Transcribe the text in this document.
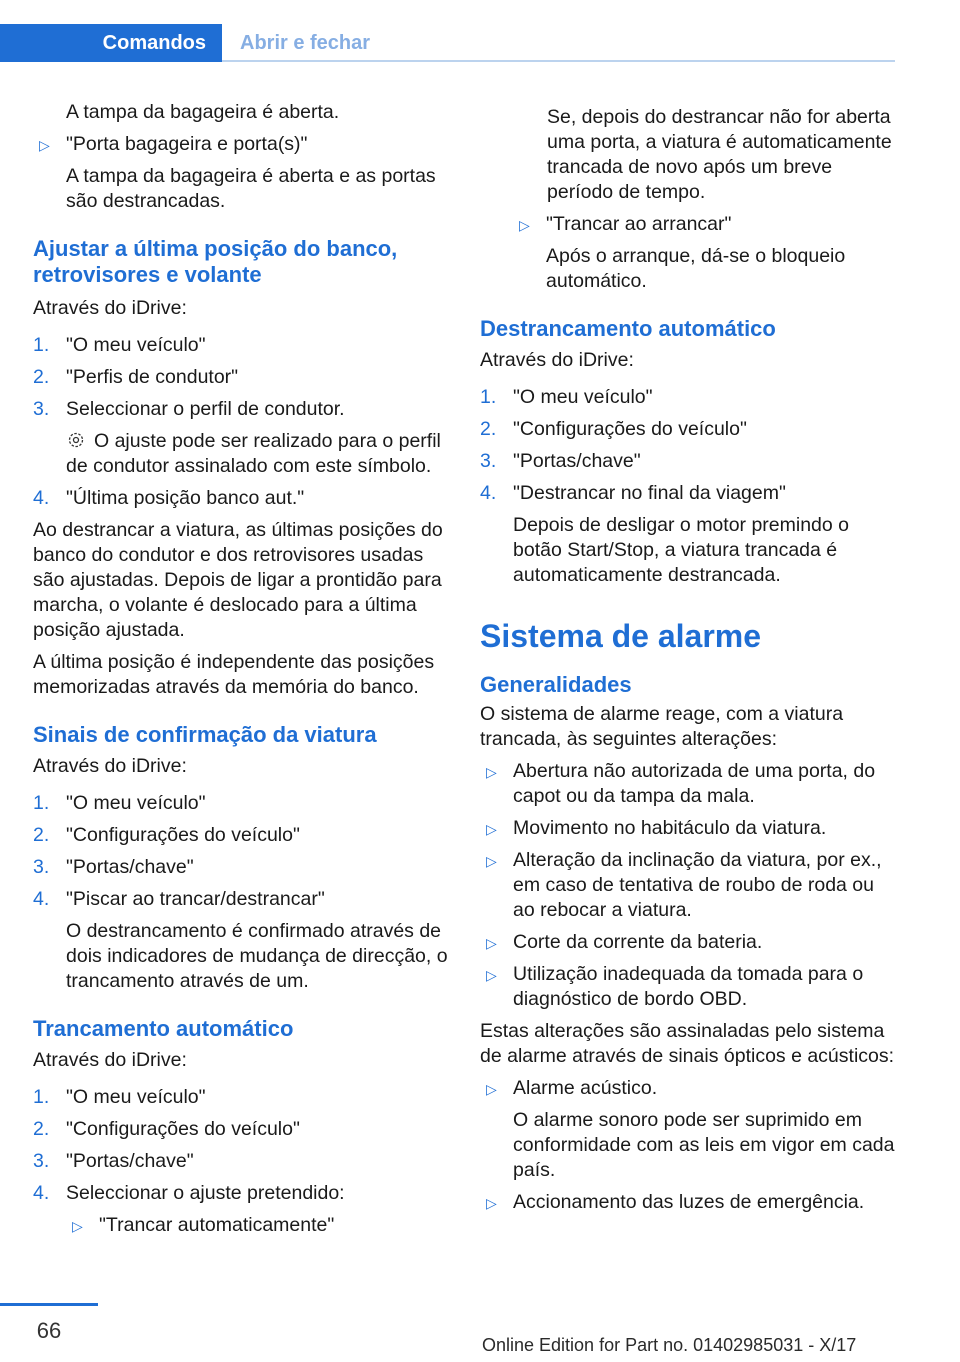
Comandos	Abrir e fechar

A tampa da bagageira é aberta.

▷ "Porta bagageira e porta(s)"

A tampa da bagageira é aberta e as portas são destrancadas.

Ajustar a última posição do banco, retrovisores e volante

Através do iDrive:

1. "O meu veículo"
2. "Perfis de condutor"
3. Seleccionar o perfil de condutor.

O ajuste pode ser realizado para o perfil de condutor assinalado com este símbolo.

4. "Última posição banco aut."

Ao destrancar a viatura, as últimas posições do banco do condutor e dos retrovisores usadas são ajustadas. Depois de ligar a prontidão para marcha, o volante é deslocado para a última posição ajustada.

A última posição é independente das posições memorizadas através da memória do banco.

Sinais de confirmação da viatura

Através do iDrive:

1. "O meu veículo"
2. "Configurações do veículo"
3. "Portas/chave"
4. "Piscar ao trancar/destrancar"

O destrancamento é confirmado através de dois indicadores de mudança de direcção, o trancamento através de um.

Trancamento automático

Através do iDrive:

1. "O meu veículo"
2. "Configurações do veículo"
3. "Portas/chave"
4. Seleccionar o ajuste pretendido:
▷ "Trancar automaticamente"

Se, depois do destrancar não for aberta uma porta, a viatura é automaticamente trancada de novo após um breve período de tempo.

▷ "Trancar ao arrancar"

Após o arranque, dá-se o bloqueio automático.

Destrancamento automático

Através do iDrive:

1. "O meu veículo"
2. "Configurações do veículo"
3. "Portas/chave"
4. "Destrancar no final da viagem"

Depois de desligar o motor premindo o botão Start/Stop, a viatura trancada é automaticamente destrancada.

Sistema de alarme
Generalidades

O sistema de alarme reage, com a viatura trancada, às seguintes alterações:

▷ Abertura não autorizada de uma porta, do capot ou da tampa da mala.
▷ Movimento no habitáculo da viatura.
▷ Alteração da inclinação da viatura, por ex., em caso de tentativa de roubo de roda ou ao rebocar a viatura.
▷ Corte da corrente da bateria.
▷ Utilização inadequada da tomada para o diagnóstico de bordo OBD.

Estas alterações são assinaladas pelo sistema de alarme através de sinais ópticos e acústicos:

▷ Alarme acústico.

O alarme sonoro pode ser suprimido em conformidade com as leis em vigor em cada país.

▷ Accionamento das luzes de emergência.
66
Online Edition for Part no. 01402985031 - X/17
